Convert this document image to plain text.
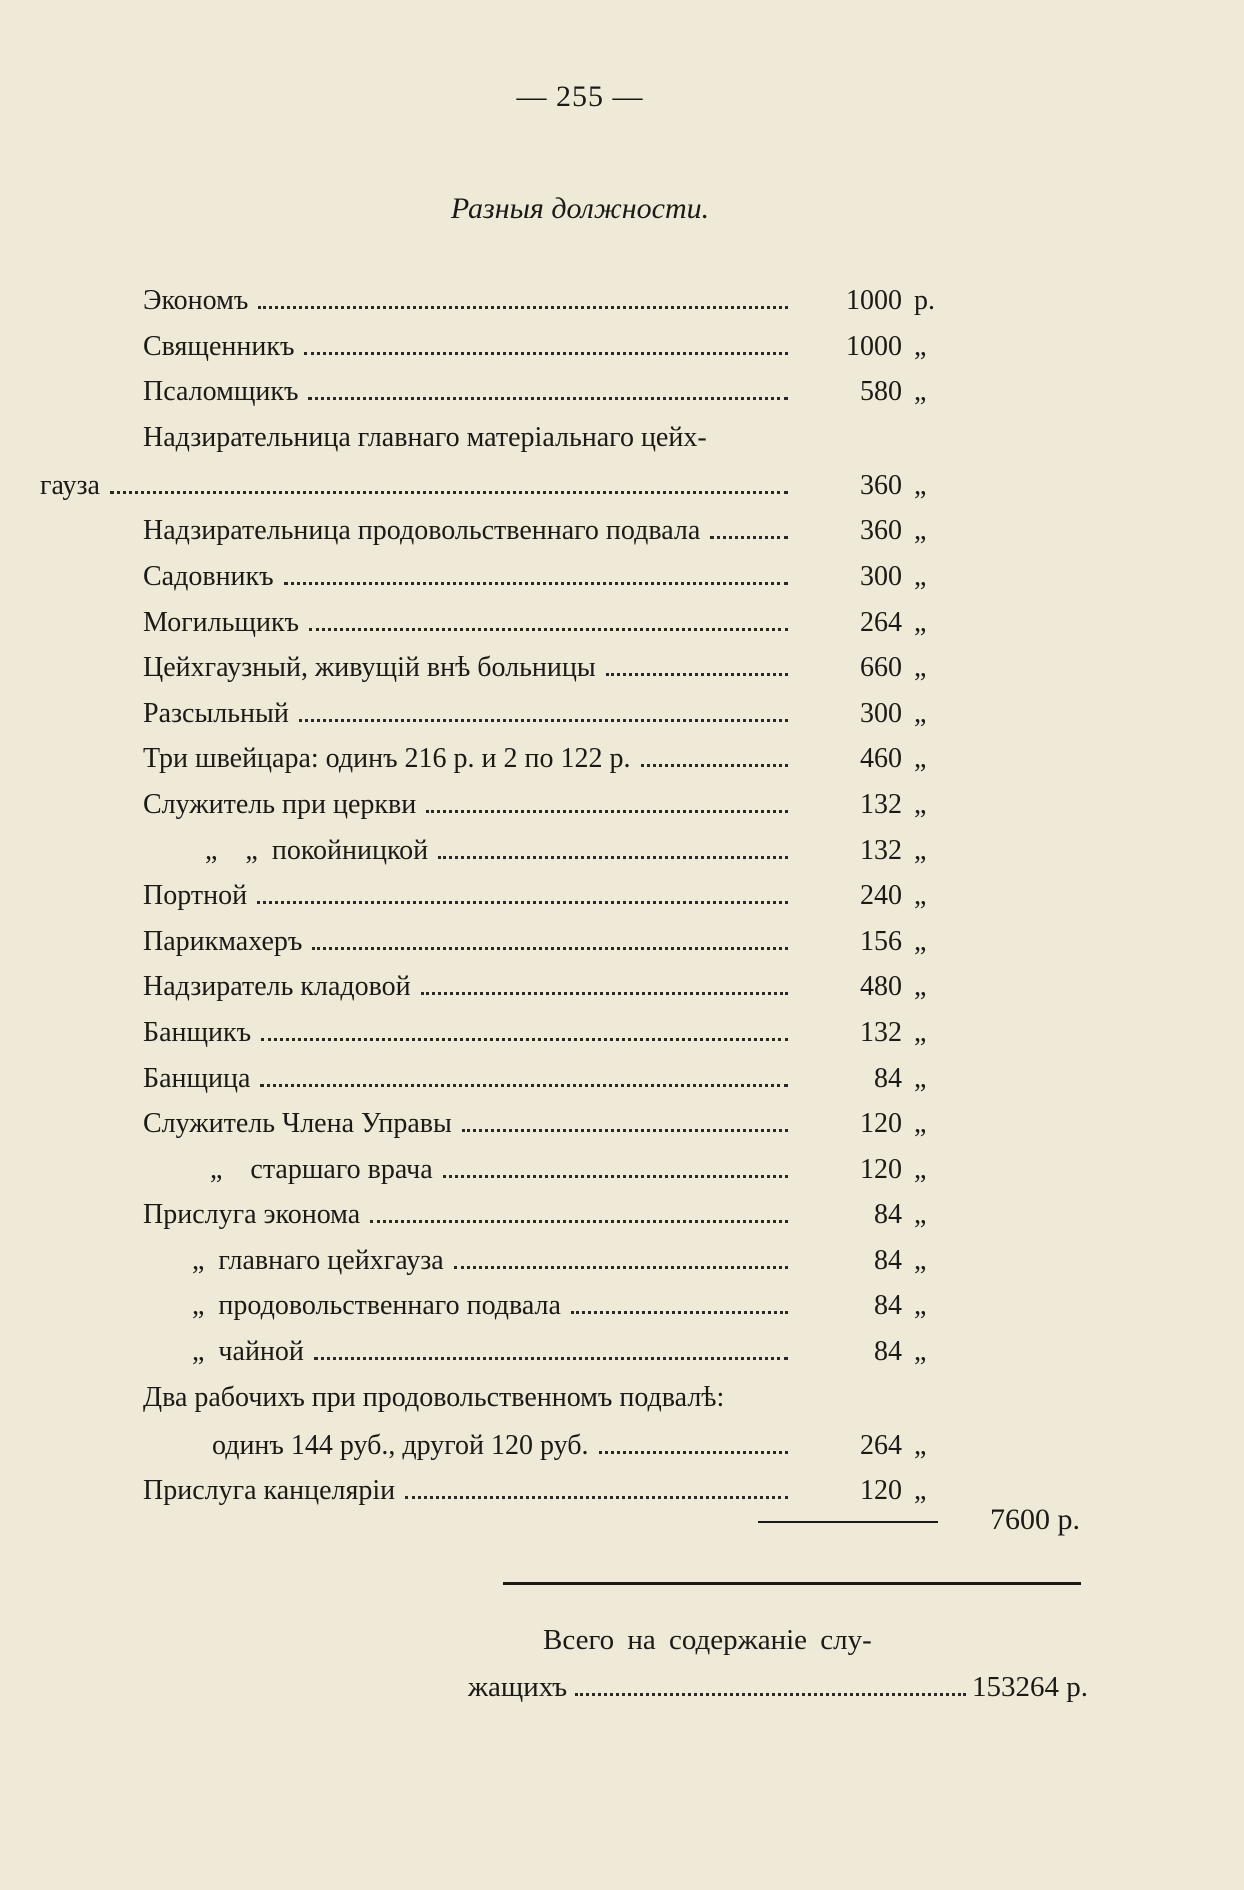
— 255 —
Разныя должности.
Экономъ	1000 р.
Священникъ	1000 „
Псаломщикъ	580 „
Надзирательница главнаго матеріальнаго цейх-
гауза	360 „
Надзирательница продовольственнаго подвала	360 „
Садовникъ	300 „
Могильщикъ	264 „
Цейхгаузный, живущій внѣ больницы	660 „
Разсыльный	300 „
Три швейцара: одинъ 216 р. и 2 по 122 р.	460 „
Служитель при церкви	132 „
„    „  покойницкой	132 „
Портной	240 „
Парикмахеръ	156 „
Надзиратель кладовой	480 „
Банщикъ	132 „
Банщица	84 „
Служитель Члена Управы	120 „
„    старшаго врача	120 „
Прислуга эконома	84 „
„  главнаго цейхгауза	84 „
„  продовольственнаго подвала	84 „
„  чайной	84 „
Два рабочихъ при продовольственномъ подвалѣ:
одинъ 144 руб., другой 120 руб.	264 „
Прислуга канцеляріи	120 „
7600 р.
Всего на содержаніе слу-
жащихъ	153264 р.
